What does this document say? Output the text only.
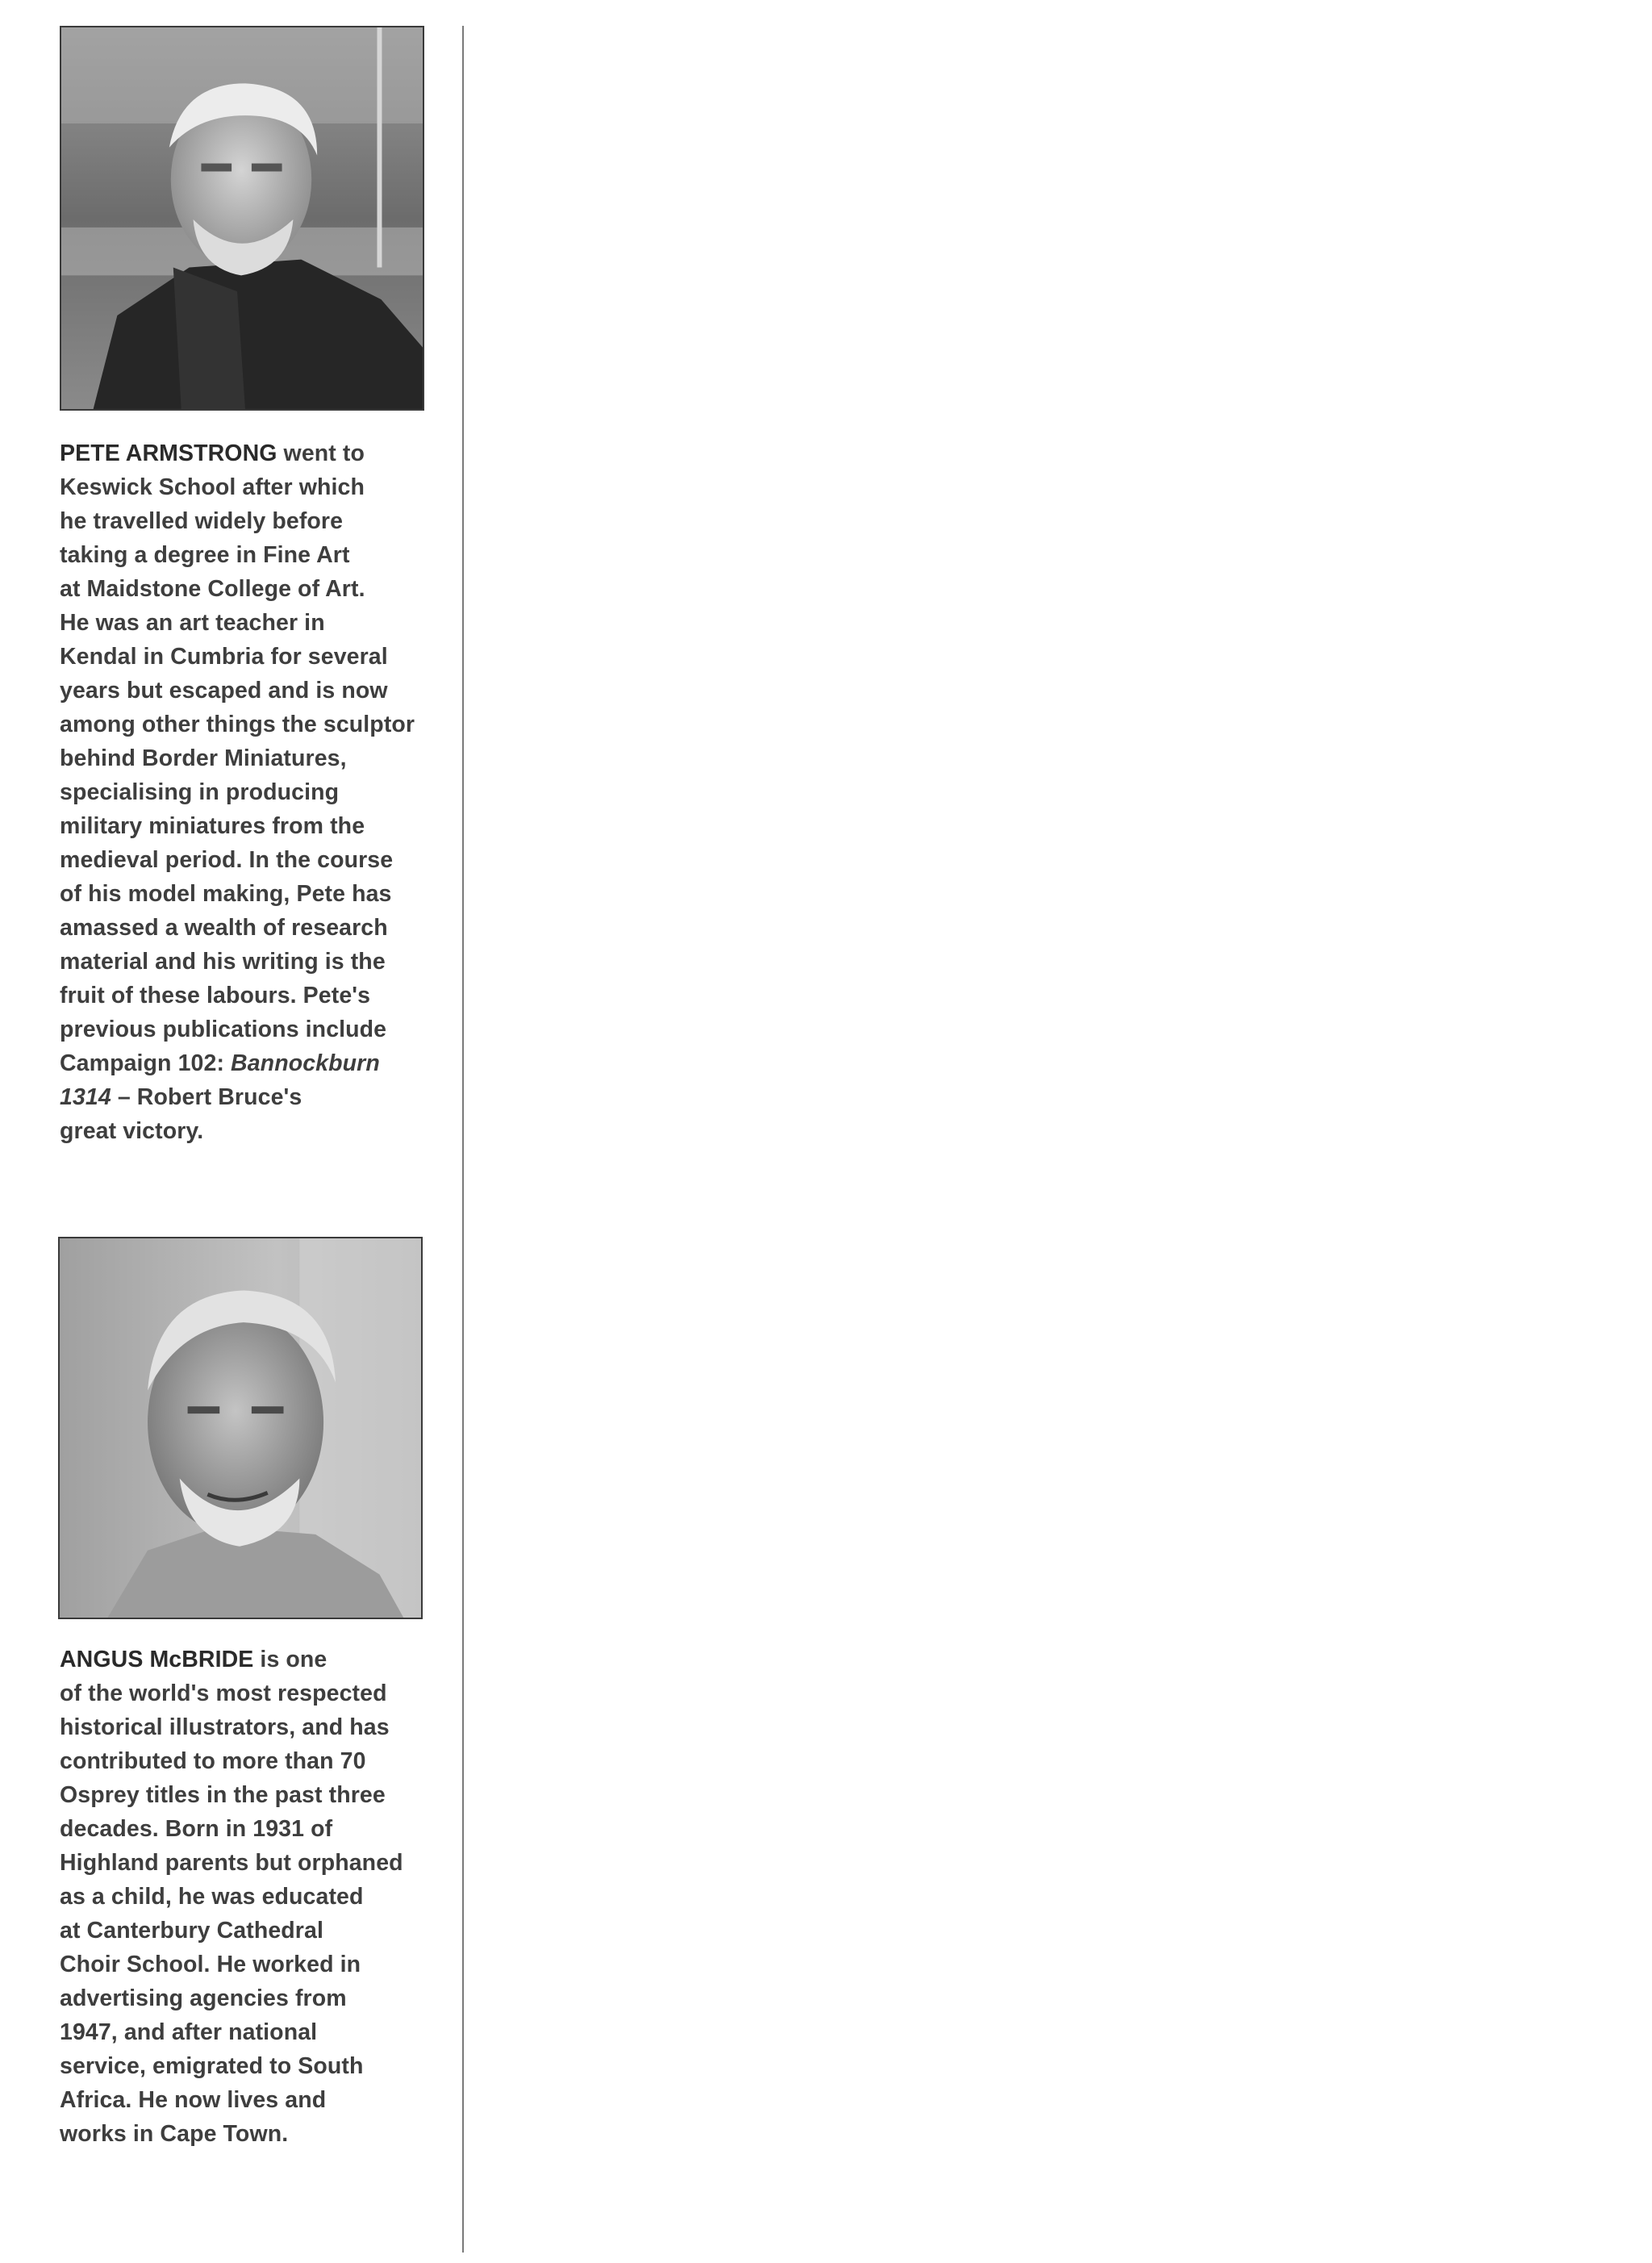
PETE ARMSTRONG went to
Keswick School after which
he travelled widely before
taking a degree in Fine Art
at Maidstone College of Art.
He was an art teacher in
Kendal in Cumbria for several
years but escaped and is now
among other things the sculptor
behind Border Miniatures,
specialising in producing
military miniatures from the
medieval period. In the course
of his model making, Pete has
amassed a wealth of research
material and his writing is the
fruit of these labours. Pete's
previous publications include
Campaign 102: Bannockburn
1314 – Robert Bruce's
great victory.
ANGUS McBRIDE is one
of the world's most respected
historical illustrators, and has
contributed to more than 70
Osprey titles in the past three
decades. Born in 1931 of
Highland parents but orphaned
as a child, he was educated
at Canterbury Cathedral
Choir School. He worked in
advertising agencies from
1947, and after national
service, emigrated to South
Africa. He now lives and
works in Cape Town.
